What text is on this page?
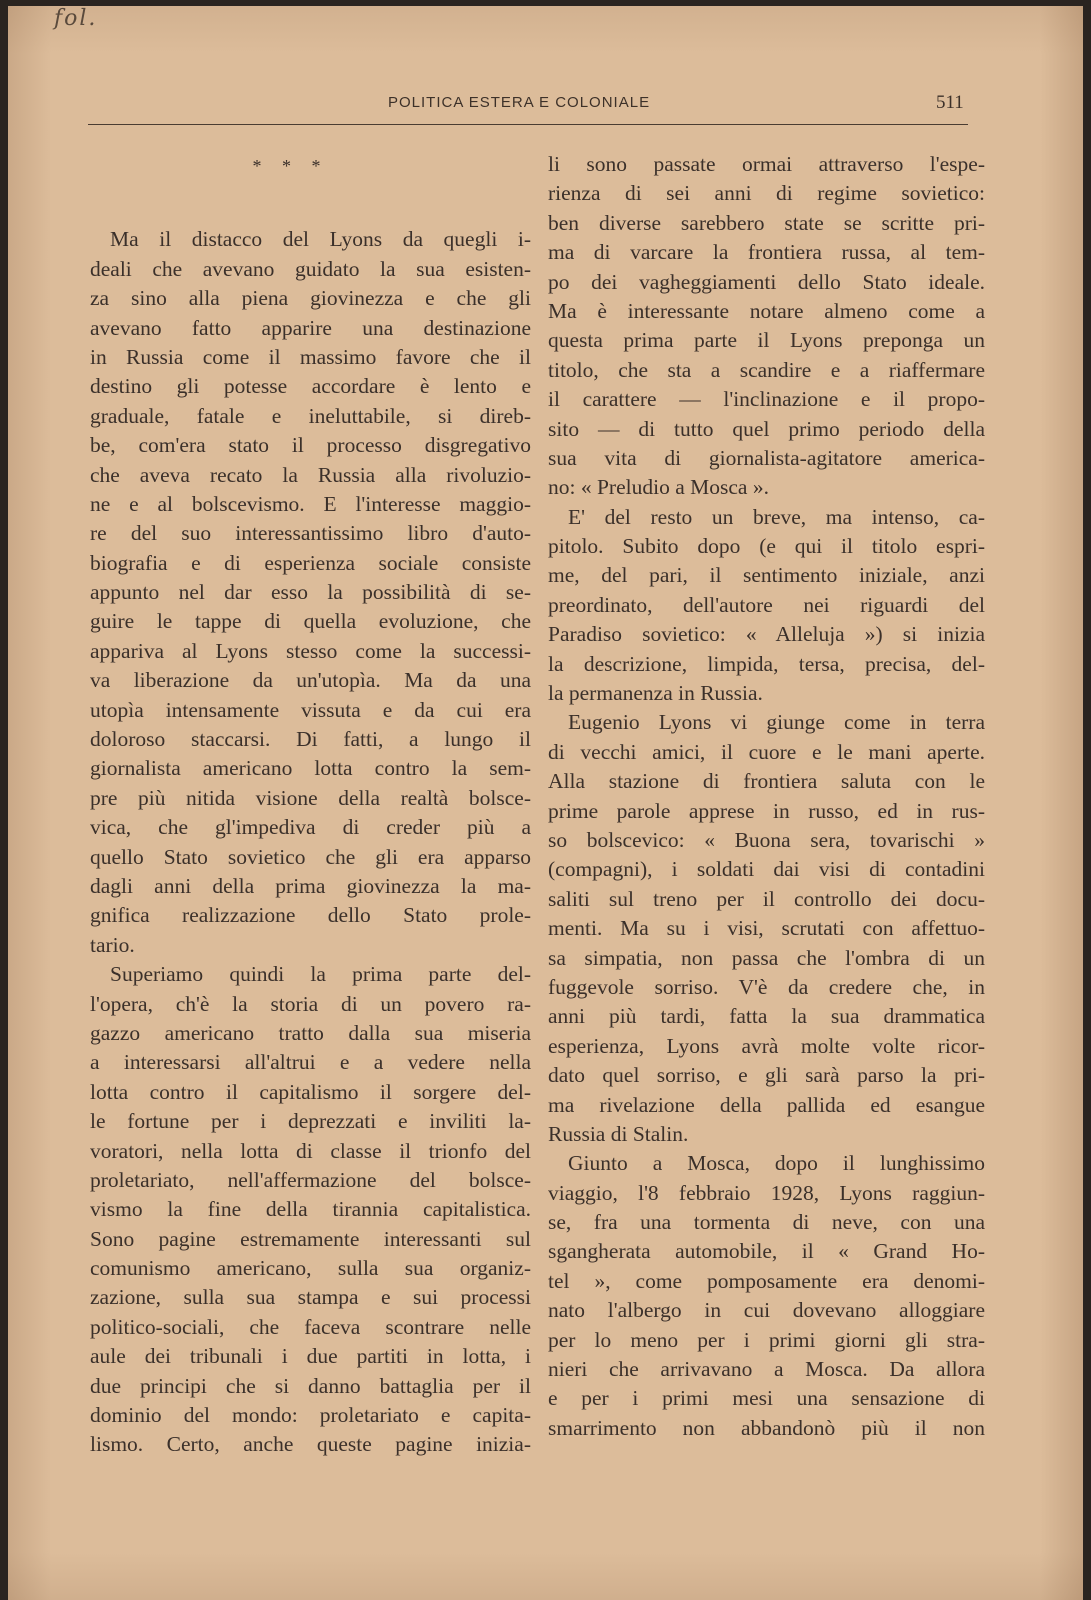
fol.
POLITICA ESTERA E COLONIALE	511
* * *
Ma il distacco del Lyons da quegli i-
deali che avevano guidato la sua esisten-
za sino alla piena giovinezza e che gli
avevano fatto apparire una destinazione
in Russia come il massimo favore che il
destino gli potesse accordare è lento e
graduale, fatale e ineluttabile, si direb-
be, com'era stato il processo disgregativo
che aveva recato la Russia alla rivoluzio-
ne e al bolscevismo. E l'interesse maggio-
re del suo interessantissimo libro d'auto-
biografia e di esperienza sociale consiste
appunto nel dar esso la possibilità di se-
guire le tappe di quella evoluzione, che
appariva al Lyons stesso come la successi-
va liberazione da un'utopìa. Ma da una
utopìa intensamente vissuta e da cui era
doloroso staccarsi. Di fatti, a lungo il
giornalista americano lotta contro la sem-
pre più nitida visione della realtà bolsce-
vica, che gl'impediva di creder più a
quello Stato sovietico che gli era apparso
dagli anni della prima giovinezza la ma-
gnifica realizzazione dello Stato prole-
tario.
Superiamo quindi la prima parte del-
l'opera, ch'è la storia di un povero ra-
gazzo americano tratto dalla sua miseria
a interessarsi all'altrui e a vedere nella
lotta contro il capitalismo il sorgere del-
le fortune per i deprezzati e inviliti la-
voratori, nella lotta di classe il trionfo del
proletariato, nell'affermazione del bolsce-
vismo la fine della tirannia capitalistica.
Sono pagine estremamente interessanti sul
comunismo americano, sulla sua organiz-
zazione, sulla sua stampa e sui processi
politico-sociali, che faceva scontrare nelle
aule dei tribunali i due partiti in lotta, i
due principi che si danno battaglia per il
dominio del mondo: proletariato e capita-
lismo. Certo, anche queste pagine inizia-
li sono passate ormai attraverso l'espe-
rienza di sei anni di regime sovietico:
ben diverse sarebbero state se scritte pri-
ma di varcare la frontiera russa, al tem-
po dei vagheggiamenti dello Stato ideale.
Ma è interessante notare almeno come a
questa prima parte il Lyons preponga un
titolo, che sta a scandire e a riaffermare
il carattere — l'inclinazione e il propo-
sito — di tutto quel primo periodo della
sua vita di giornalista-agitatore america-
no: « Preludio a Mosca ».
E' del resto un breve, ma intenso, ca-
pitolo. Subito dopo (e qui il titolo espri-
me, del pari, il sentimento iniziale, anzi
preordinato, dell'autore nei riguardi del
Paradiso sovietico: « Alleluja ») si inizia
la descrizione, limpida, tersa, precisa, del-
la permanenza in Russia.
Eugenio Lyons vi giunge come in terra
di vecchi amici, il cuore e le mani aperte.
Alla stazione di frontiera saluta con le
prime parole apprese in russo, ed in rus-
so bolscevico: « Buona sera, tovarischi »
(compagni), i soldati dai visi di contadini
saliti sul treno per il controllo dei docu-
menti. Ma su i visi, scrutati con affettuo-
sa simpatia, non passa che l'ombra di un
fuggevole sorriso. V'è da credere che, in
anni più tardi, fatta la sua drammatica
esperienza, Lyons avrà molte volte ricor-
dato quel sorriso, e gli sarà parso la pri-
ma rivelazione della pallida ed esangue
Russia di Stalin.
Giunto a Mosca, dopo il lunghissimo
viaggio, l'8 febbraio 1928, Lyons raggiun-
se, fra una tormenta di neve, con una
sgangherata automobile, il « Grand Ho-
tel », come pomposamente era denomi-
nato l'albergo in cui dovevano alloggiare
per lo meno per i primi giorni gli stra-
nieri che arrivavano a Mosca. Da allora
e per i primi mesi una sensazione di
smarrimento non abbandonò più il non
